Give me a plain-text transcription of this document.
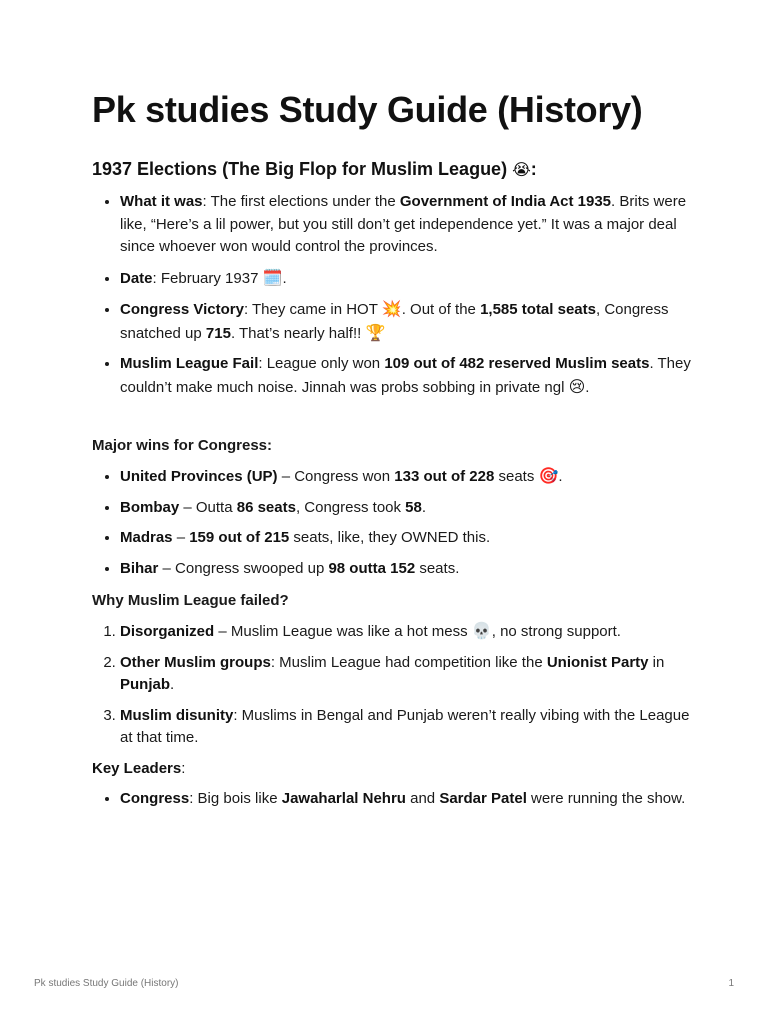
Pk studies Study Guide (History)
1937 Elections (The Big Flop for Muslim League) 😭:
• What it was: The first elections under the Government of India Act 1935. Brits were like, “Here’s a lil power, but you still don’t get independence yet.” It was a major deal since whoever won would control the provinces.
• Date: February 1937 🗓️.
• Congress Victory: They came in HOT 💥. Out of the 1,585 total seats, Congress snatched up 715. That’s nearly half!! 🏆
• Muslim League Fail: League only won 109 out of 482 reserved Muslim seats. They couldn’t make much noise. Jinnah was probs sobbing in private ngl 😢.

Major wins for Congress:

• United Provinces (UP) – Congress won 133 out of 228 seats 🎯.
• Bombay – Outta 86 seats, Congress took 58.
• Madras – 159 out of 215 seats, like, they OWNED this.
• Bihar – Congress swooped up 98 outta 152 seats.

Why Muslim League failed?

1. Disorganized – Muslim League was like a hot mess 💀, no strong support.
2. Other Muslim groups: Muslim League had competition like the Unionist Party in Punjab.
3. Muslim disunity: Muslims in Bengal and Punjab weren’t really vibing with the League at that time.

Key Leaders:

• Congress: Big bois like Jawaharlal Nehru and Sardar Patel were running the show.
Pk studies Study Guide (History)	1
